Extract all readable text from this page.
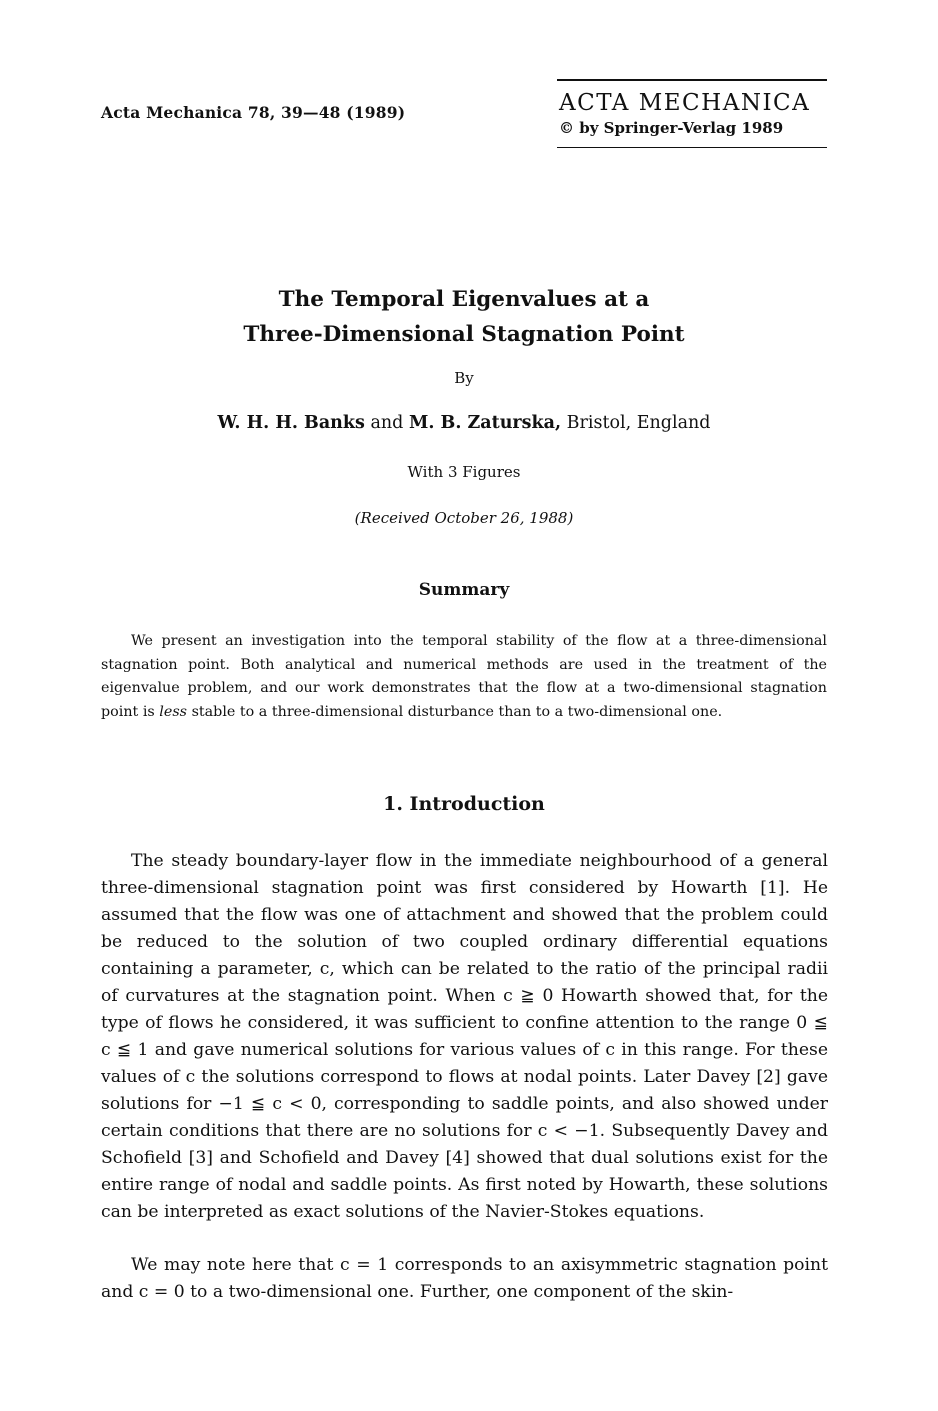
Acta Mechanica 78, 39—48 (1989)	ACTA MECHANICA
© by Springer-Verlag 1989
The Temporal Eigenvalues at a
Three-Dimensional Stagnation Point
By
W. H. H. Banks and M. B. Zaturska, Bristol, England
With 3 Figures
(Received October 26, 1988)
Summary

We present an investigation into the temporal stability of the flow at a three-dimensional stagnation point. Both analytical and numerical methods are used in the treatment of the eigenvalue problem, and our work demonstrates that the flow at a two-dimensional stagnation point is less stable to a three-dimensional disturbance than to a two-dimensional one.

1. Introduction

The steady boundary-layer flow in the immediate neighbourhood of a general three-dimensional stagnation point was first considered by Howarth [1]. He assumed that the flow was one of attachment and showed that the problem could be reduced to the solution of two coupled ordinary differential equations containing a parameter, c, which can be related to the ratio of the principal radii of curvatures at the stagnation point. When c ≧ 0 Howarth showed that, for the type of flows he considered, it was sufficient to confine attention to the range 0 ≦ c ≦ 1 and gave numerical solutions for various values of c in this range. For these values of c the solutions correspond to flows at nodal points. Later Davey [2] gave solutions for −1 ≦ c < 0, corresponding to saddle points, and also showed under certain conditions that there are no solutions for c < −1. Subsequently Davey and Schofield [3] and Schofield and Davey [4] showed that dual solutions exist for the entire range of nodal and saddle points. As first noted by Howarth, these solutions can be interpreted as exact solutions of the Navier-Stokes equations.

We may note here that c = 1 corresponds to an axisymmetric stagnation point and c = 0 to a two-dimensional one. Further, one component of the skin-
